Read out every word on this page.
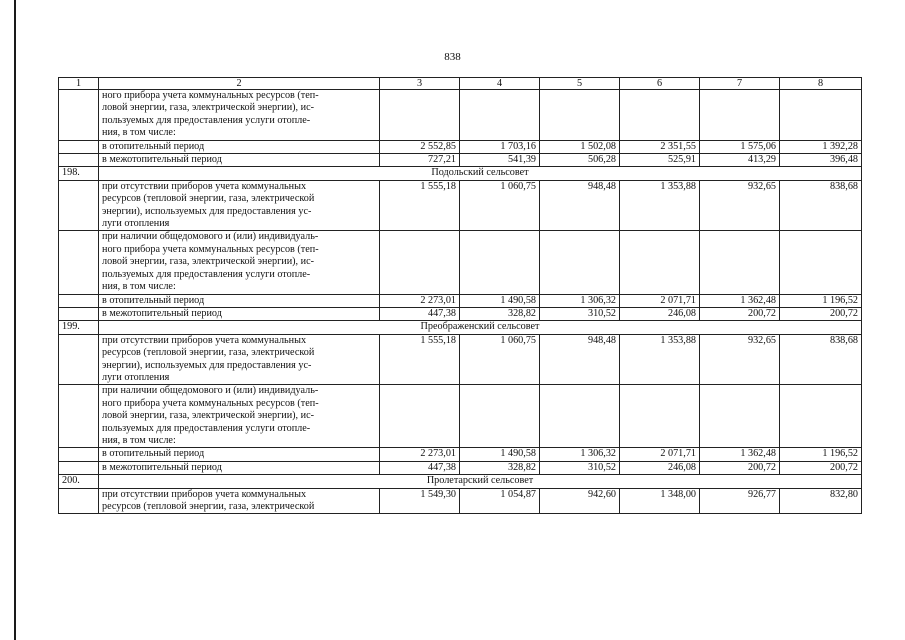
838
1	2	3	4	5	6	7	8

	ного прибора учета коммунальных ресурсов (теп-
ловой энергии, газа, электрической энергии), ис-
пользуемых для предоставления услуги отопле-
ния, в том числе:						

	в отопительный период	2 552,85	1 703,16	1 502,08	2 351,55	1 575,06	1 392,28

	в межотопительный период	727,21	541,39	506,28	525,91	413,29	396,48
198.	Подольский сельсовет						

	при отсутствии приборов учета коммунальных
ресурсов (тепловой энергии, газа, электрической
энергии), используемых для предоставления ус-
луги отопления	1 555,18	1 060,75	948,48	1 353,88	932,65	838,68

	при наличии общедомового и (или) индивидуаль-
ного прибора учета коммунальных ресурсов (теп-
ловой энергии, газа, электрической энергии), ис-
пользуемых для предоставления услуги отопле-
ния, в том числе:						

	в отопительный период	2 273,01	1 490,58	1 306,32	2 071,71	1 362,48	1 196,52

	в межотопительный период	447,38	328,82	310,52	246,08	200,72	200,72
199.	Преображенский сельсовет						

	при отсутствии приборов учета коммунальных
ресурсов (тепловой энергии, газа, электрической
энергии), используемых для предоставления ус-
луги отопления	1 555,18	1 060,75	948,48	1 353,88	932,65	838,68

	при наличии общедомового и (или) индивидуаль-
ного прибора учета коммунальных ресурсов (теп-
ловой энергии, газа, электрической энергии), ис-
пользуемых для предоставления услуги отопле-
ния, в том числе:						

	в отопительный период	2 273,01	1 490,58	1 306,32	2 071,71	1 362,48	1 196,52

	в межотопительный период	447,38	328,82	310,52	246,08	200,72	200,72
200.	Пролетарский сельсовет						

	при отсутствии приборов учета коммунальных
ресурсов (тепловой энергии, газа, электрической	1 549,30	1 054,87	942,60	1 348,00	926,77	832,80
